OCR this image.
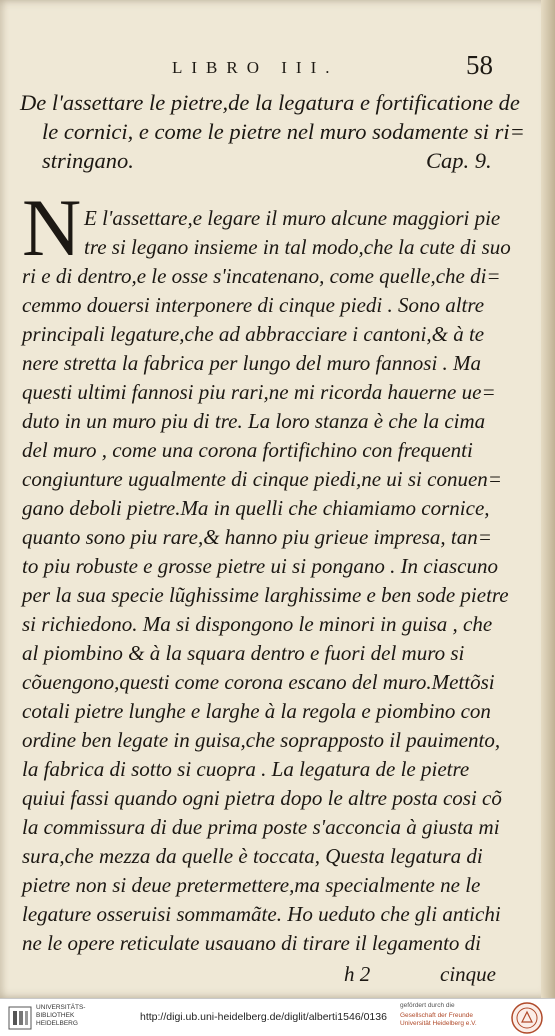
LIBRO III.	58
De l'assettare le pietre,de la legatura e fortificatione de
le cornici, e come le pietre nel muro sodamente si ri=
stringano.	Cap. 9.
N E l'assettare,e legare il muro alcune maggiori pie
tre si legano insieme in tal modo,che la cute di suo
ri e di dentro,e le osse s'incatenano, come quelle,che di=
cemmo douersi interponere di cinque piedi . Sono altre
principali legature,che ad abbracciare i cantoni,& à te
nere stretta la fabrica per lungo del muro fannosi . Ma
questi ultimi fannosi piu rari,ne mi ricorda hauerne ue=
duto in un muro piu di tre. La loro stanza è che la cima
del muro , come una corona fortifichino con frequenti
congiunture ugualmente di cinque piedi,ne ui si conuen=
gano deboli pietre.Ma in quelli che chiamiamo cornice,
quanto sono piu rare,& hanno piu grieue impresa, tan=
to piu robuste e grosse pietre ui si pongano . In ciascuno
per la sua specie lũghissime larghissime e ben sode pietre
si richiedono. Ma si dispongono le minori in guisa , che
al piombino & à la squara dentro e fuori del muro si
cõuengono,questi come corona escano del muro.Mettõsi
cotali pietre lunghe e larghe à la regola e piombino con
ordine ben legate in guisa,che soprapposto il pauimento,
la fabrica di sotto si cuopra . La legatura de le pietre
quiui fassi quando ogni pietra dopo le altre posta cosi cõ
la commissura di due prima poste s'acconcia à giusta mi
sura,che mezza da quelle è toccata, Questa legatura di
pietre non si deue pretermettere,ma specialmente ne le
legature osseruisi sommamãte. Ho ueduto che gli antichi
ne le opere reticulate usauano di tirare il legamento di
h 2	cinque
UNIVERSITÄTS-
BIBLIOTHEK
HEIDELBERG
http://digi.ub.uni-heidelberg.de/diglit/alberti1546/0136
gefördert durch die
Gesellschaft der Freunde
Universität Heidelberg e.V.
